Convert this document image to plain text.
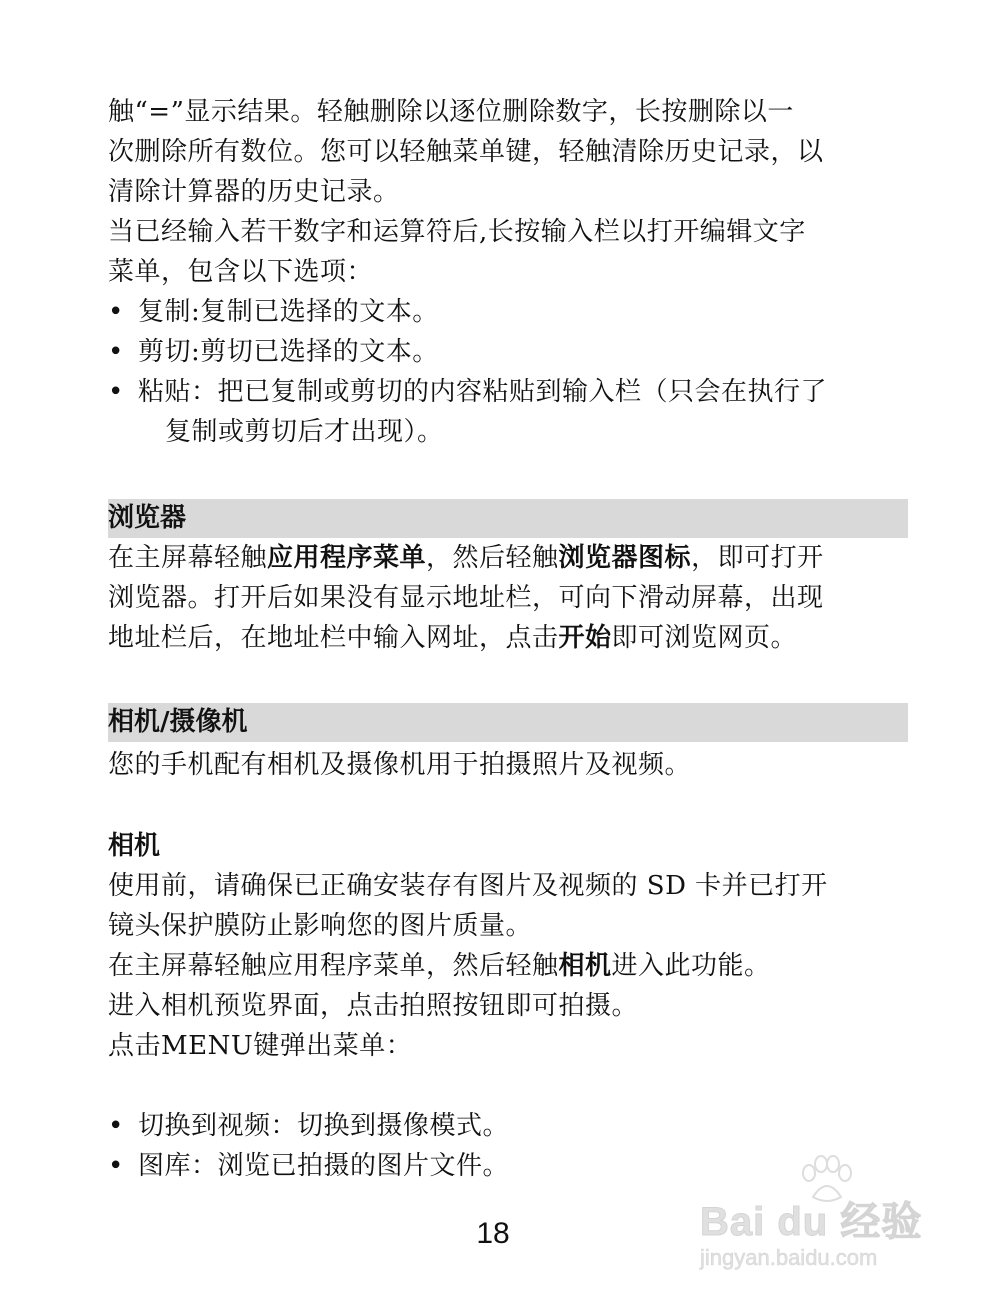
触“=”显示结果。轻触删除以逐位删除数字，长按删除以一
次删除所有数位。您可以轻触菜单键，轻触清除历史记录，以
清除计算器的历史记录。
当已经输入若干数字和运算符后,长按输入栏以打开编辑文字
菜单，包含以下选项：
• 复制:复制已选择的文本。
• 剪切:剪切已选择的文本。
• 粘贴：把已复制或剪切的内容粘贴到输入栏（只会在执行了
复制或剪切后才出现）。
浏览器
在主屏幕轻触应用程序菜单，然后轻触浏览器图标，即可打开
浏览器。打开后如果没有显示地址栏，可向下滑动屏幕，出现
地址栏后，在地址栏中输入网址，点击开始即可浏览网页。
相机/摄像机
您的手机配有相机及摄像机用于拍摄照片及视频。
相机
使用前，请确保已正确安装存有图片及视频的 SD 卡并已打开
镜头保护膜防止影响您的图片质量。
在主屏幕轻触应用程序菜单，然后轻触相机进入此功能。
进入相机预览界面，点击拍照按钮即可拍摄。
点击MENU键弹出菜单：
• 切换到视频：切换到摄像模式。
• 图库：浏览已拍摄的图片文件。
18	Bai du 经验
jingyan.baidu.com
